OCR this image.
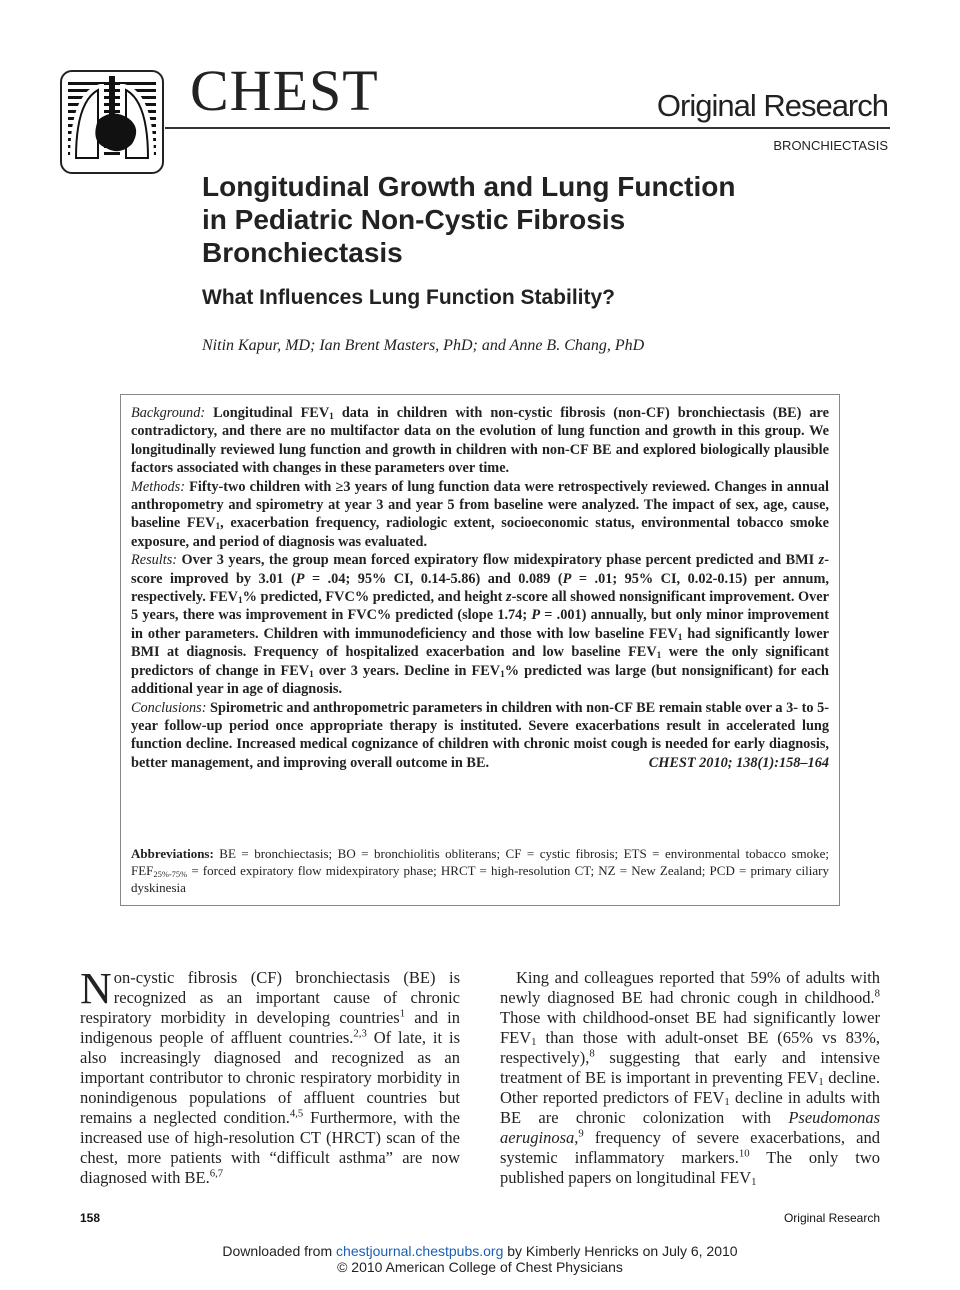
CHEST	Original Research
BRONCHIECTASIS
Longitudinal Growth and Lung Function
in Pediatric Non-Cystic Fibrosis
Bronchiectasis
What Influences Lung Function Stability?
Nitin Kapur, MD; Ian Brent Masters, PhD; and Anne B. Chang, PhD

Background: Longitudinal $FEV_1$ data in children with non-cystic fibrosis (non-CF) bronchiectasis (BE) are contradictory, and there are no multifactor data on the evolution of lung function and growth in this group. We longitudinally reviewed lung function and growth in children with non-CF BE and explored biologically plausible factors associated with changes in these parameters over time.

Methods: Fifty-two children with ≥3 years of lung function data were retrospectively reviewed. Changes in annual anthropometry and spirometry at year 3 and year 5 from baseline were analyzed. The impact of sex, age, cause, baseline $FEV_1$, exacerbation frequency, radiologic extent, socioeconomic status, environmental tobacco smoke exposure, and period of diagnosis was evaluated.

Results: Over 3 years, the group mean forced expiratory flow midexpiratory phase percent predicted and BMI z-score improved by 3.01 (P = .04; 95% CI, 0.14-5.86) and 0.089 (P = .01; 95% CI, 0.02-0.15) per annum, respectively. $FEV_1\%$ predicted, FVC% predicted, and height z-score all showed nonsignificant improvement. Over 5 years, there was improvement in FVC% predicted (slope 1.74; P = .001) annually, but only minor improvement in other parameters. Children with immunodeficiency and those with low baseline $FEV_1$ had significantly lower BMI at diagnosis. Frequency of hospitalized exacerbation and low baseline $FEV_1$ were the only significant predictors of change in $FEV_1$ over 3 years. Decline in $FEV_1\%$ predicted was large (but nonsignificant) for each additional year in age of diagnosis.

Conclusions: Spirometric and anthropometric parameters in children with non-CF BE remain stable over a 3- to 5-year follow-up period once appropriate therapy is instituted. Severe exacerbations result in accelerated lung function decline. Increased medical cognizance of children with chronic moist cough is needed for early diagnosis, better management, and improving overall outcome in BE.	CHEST 2010; 138(1):158–164

Abbreviations: BE = bronchiectasis; BO = bronchiolitis obliterans; CF = cystic fibrosis; ETS = environmental tobacco smoke; $FEF_{25\%-75\%}$ = forced expiratory flow midexpiratory phase; HRCT = high-resolution CT; NZ = New Zealand; PCD = primary ciliary dyskinesia

Non-cystic fibrosis (CF) bronchiectasis (BE) is recognized as an important cause of chronic respiratory morbidity in developing countries$^1$ and in indigenous people of affluent countries.$^{2,3}$ Of late, it is also increasingly diagnosed and recognized as an important contributor to chronic respiratory morbidity in nonindigenous populations of affluent countries but remains a neglected condition.$^{4,5}$ Furthermore, with the increased use of high-resolution CT (HRCT) scan of the chest, more patients with “difficult asthma” are now diagnosed with BE.$^{6,7}$

King and colleagues reported that 59% of adults with newly diagnosed BE had chronic cough in childhood.$^8$ Those with childhood-onset BE had significantly lower $FEV_1$ than those with adult-onset BE (65% vs 83%, respectively),$^8$ suggesting that early and intensive treatment of BE is important in preventing $FEV_1$ decline. Other reported predictors of $FEV_1$ decline in adults with BE are chronic colonization with Pseudomonas aeruginosa,$^9$ frequency of severe exacerbations, and systemic inflammatory markers.$^{10}$ The only two published papers on longitudinal $FEV_1$

158	Original Research
Downloaded from chestjournal.chestpubs.org by Kimberly Henricks on July 6, 2010
© 2010 American College of Chest Physicians
